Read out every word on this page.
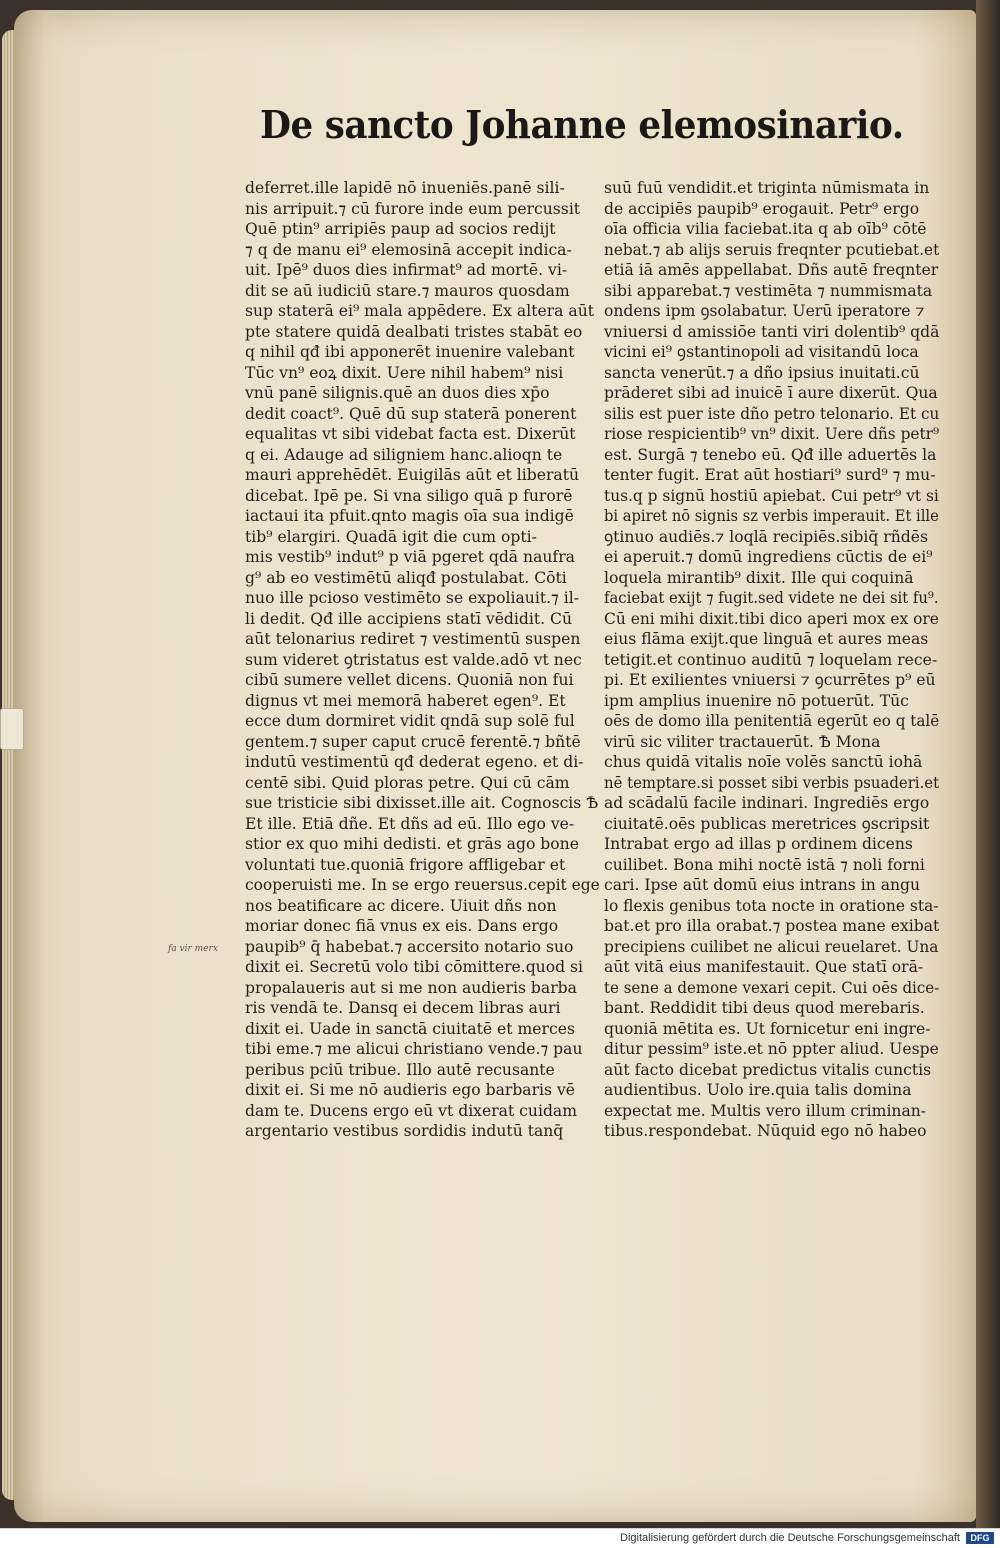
De sancto Johanne elemosinario.
deferret.ille lapidē nō inueniēs.panē sili-
nis arripuit.⁊ cū furore inde eum percussit
Quē ptin⁹ arripiēs paup ad socios redijt
⁊ q de manu ei⁹ elemosinā accepit indica-
uit. Ipē⁹ duos dies infirmat⁹ ad mortē. vi-
dit se aū iudiciū stare.⁊ mauros quosdam
sup staterā ei⁹ mala appēdere. Ex altera aūt
pte statere quidā dealbati tristes stabāt eo
q nihil qđ ibi apponerēt inuenire valebant
Tūc vn⁹ eoꝝ dixit. Uere nihil habem⁹ nisi
vnū panē silignis.quē an duos dies xp̄o
dedit coact⁹. Quē dū sup staterā ponerent
equalitas vt sibi videbat facta est. Dixerūt
q ei. Adauge ad siligniem hanc.alioqn te
mauri apprehēdēt. Euigilās aūt et liberatū
dicebat. Ipē pe. Si vna siligo quā p furorē
iactaui ita pfuit.qnto magis oīa sua indigē
tib⁹ elargiri. Quadā igit die cum opti-
mis vestib⁹ indut⁹ p viā pgeret qdā naufra
g⁹ ab eo vestimētū aliqđ postulabat. Cōti
nuo ille pcioso vestimēto se expoliauit.⁊ il-
li dedit. Qđ ille accipiens statī vēdidit. Cū
aūt telonarius rediret ⁊ vestimentū suspen
sum videret ꝯtristatus est valde.adō vt nec
cibū sumere vellet dicens. Quoniā non fui
dignus vt mei memorā haberet egen⁹. Et
ecce dum dormiret vidit qndā sup solē ful
gentem.⁊ super caput crucē ferentē.⁊ bñtē
indutū vestimentū qđ dederat egeno. et di-
centē sibi. Quid ploras petre. Qui cū cām
sue tristicie sibi dixisset.ille ait. Cognoscis Ѣ
Et ille. Etiā dñe. Et dñs ad eū. Illo ego ve-
stior ex quo mihi dedisti. et grās ago bone
voluntati tue.quoniā frigore affligebar et
cooperuisti me. In se ergo reuersus.cepit ege
nos beatificare ac dicere. Uiuit dñs non
moriar donec fiā vnus ex eis. Dans ergo
paupib⁹ q̄ habebat.⁊ accersito notario suo
dixit ei. Secretū volo tibi cōmittere.quod si
propalaueris aut si me non audieris barba
ris vendā te. Dansq ei decem libras auri
dixit ei. Uade in sanctā ciuitatē et merces
tibi eme.⁊ me alicui christiano vende.⁊ pau
peribus pciū tribue. Illo autē recusante
dixit ei. Si me nō audieris ego barbaris vē
dam te. Ducens ergo eū vt dixerat cuidam
argentario vestibus sordidis indutū tanq̄
suū fuū vendidit.et triginta nūmismata in
de accipiēs paupib⁹ erogauit. Petr⁹ ergo
oīa officia vilia faciebat.ita q ab oīb⁹ cōtē
nebat.⁊ ab alijs seruis freqnter pcutiebat.et
etiā iā amēs appellabat. Dñs autē freqnter
sibi apparebat.⁊ vestimēta ⁊ nummismata
ondens ipm ꝯsolabatur. Uerū iperatore ⁊
vniuersi d amissiōe tanti viri dolentib⁹ qdā
vicini ei⁹ ꝯstantinopoli ad visitandū loca
sancta venerūt.⁊ a dño ipsius inuitati.cū
prāderet sibi ad inuicē ī aure dixerūt. Qua
silis est puer iste dño petro telonario. Et cu
riose respicientib⁹ vn⁹ dixit. Uere dñs petr⁹
est. Surgā ⁊ tenebo eū. Qđ ille aduertēs la
tenter fugit. Erat aūt hostiari⁹ surd⁹ ⁊ mu-
tus.q p signū hostiū apiebat. Cui petr⁹ vt si
bi apiret nō signis sz verbis imperauit. Et ille
ꝯtinuo audiēs.⁊ loqlā recipiēs.sibiq̄ rñdēs
ei aperuit.⁊ domū ingrediens cūctis de ei⁹
loquela mirantib⁹ dixit. Ille qui coquinā
faciebat exijt ⁊ fugit.sed videte ne dei sit fu⁹.
Cū eni mihi dixit.tibi dico aperi mox ex ore
eius flāma exijt.que linguā et aures meas
tetigit.et continuo auditū ⁊ loquelam rece-
pi. Et exilientes vniuersi ⁊ ꝯcurrētes p⁹ eū
ipm amplius inuenire nō potuerūt. Tūc
oēs de domo illa penitentiā egerūt eo q talē
virū sic viliter tractauerūt. Ѣ Mona
chus quidā vitalis noīe volēs sanctū iohā
nē temptare.si posset sibi verbis psuaderi.et
ad scādalū facile indinari. Ingrediēs ergo
ciuitatē.oēs publicas meretrices ꝯscripsit
Intrabat ergo ad illas p ordinem dicens
cuilibet. Bona mihi noctē istā ⁊ noli forni
cari. Ipse aūt domū eius intrans in angu
lo flexis genibus tota nocte in oratione sta-
bat.et pro illa orabat.⁊ postea mane exibat
precipiens cuilibet ne alicui reuelaret. Una
aūt vitā eius manifestauit. Que statī orā-
te sene a demone vexari cepit. Cui oēs dice-
bant. Reddidit tibi deus quod merebaris.
quoniā mētita es. Ut fornicetur eni ingre-
ditur pessim⁹ iste.et nō ppter aliud. Uespe
aūt facto dicebat predictus vitalis cunctis
audientibus. Uolo ire.quia talis domina
expectat me. Multis vero illum criminan-
tibus.respondebat. Nūquid ego nō habeo
fa vir merx
Digitalisierung gefördert durch die Deutsche Forschungsgemeinschaft	DFG
